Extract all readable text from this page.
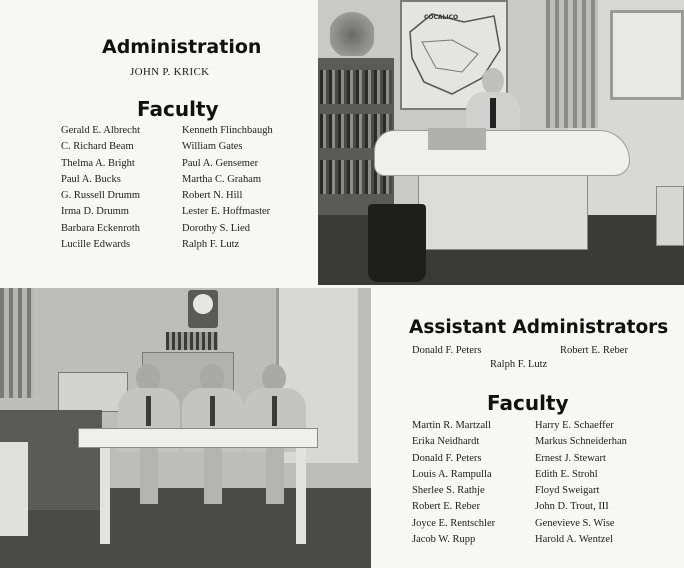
Administration
JOHN P. KRICK
Faculty
Gerald E. Albrecht
C. Richard Beam
Thelma A. Bright
Paul A. Bucks
G. Russell Drumm
Irma D. Drumm
Barbara Eckenroth
Lucille Edwards
Kenneth Flinchbaugh
William Gates
Paul A. Gensemer
Martha C. Graham
Robert N. Hill
Lester E. Hoffmaster
Dorothy S. Lied
Ralph F. Lutz
COCALICO
Assistant Administrators
Donald F. Peters	Robert E. Reber
Ralph F. Lutz
Faculty
Martin R. Martzall
Erika Neidhardt
Donald F. Peters
Louis A. Rampulla
Sherlee S. Rathje
Robert E. Reber
Joyce E. Rentschler
Jacob W. Rupp
Harry E. Schaeffer
Markus Schneiderhan
Ernest J. Stewart
Edith E. Strohl
Floyd Sweigart
John D. Trout, III
Genevieve S. Wise
Harold A. Wentzel
